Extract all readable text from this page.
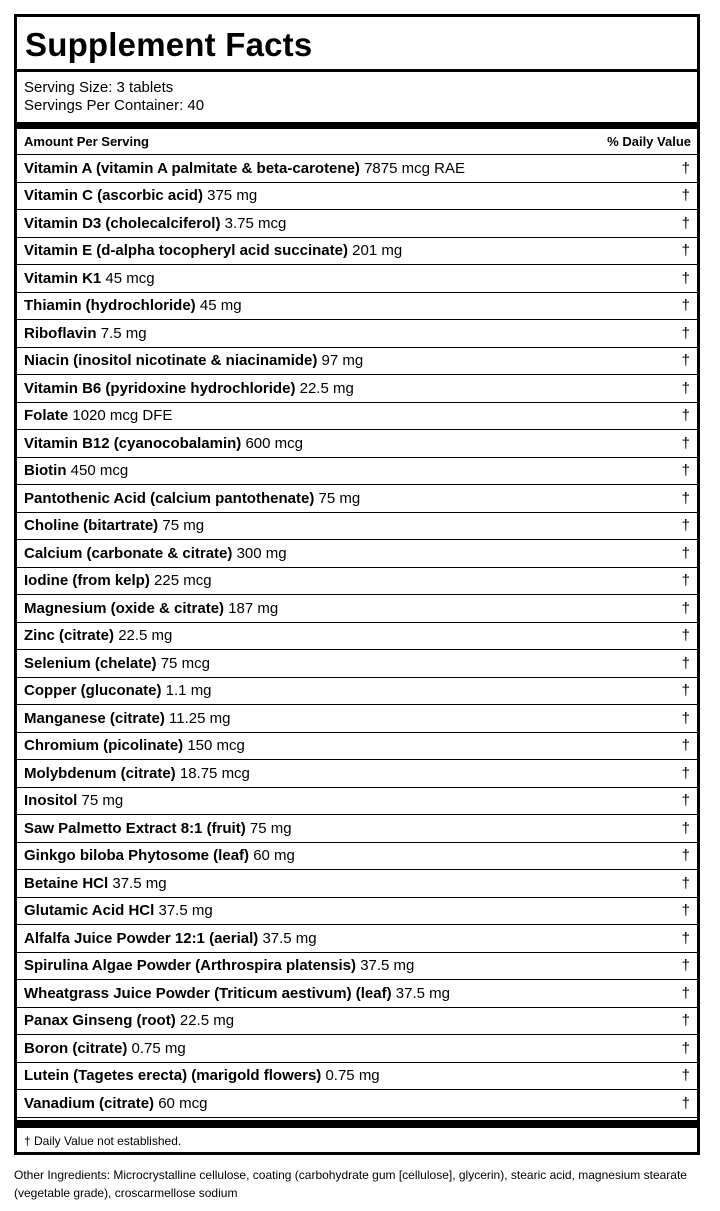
Supplement Facts
Serving Size: 3 tablets
Servings Per Container: 40
Amount Per Serving	% Daily Value
Vitamin A (vitamin A palmitate & beta-carotene) 7875 mcg RAE	†
Vitamin C (ascorbic acid) 375 mg	†
Vitamin D3 (cholecalciferol) 3.75 mcg	†
Vitamin E (d-alpha tocopheryl acid succinate) 201 mg	†
Vitamin K1 45 mcg	†
Thiamin (hydrochloride) 45 mg	†
Riboflavin 7.5 mg	†
Niacin (inositol nicotinate & niacinamide) 97 mg	†
Vitamin B6 (pyridoxine hydrochloride) 22.5 mg	†
Folate 1020 mcg DFE	†
Vitamin B12 (cyanocobalamin) 600 mcg	†
Biotin 450 mcg	†
Pantothenic Acid (calcium pantothenate) 75 mg	†
Choline (bitartrate) 75 mg	†
Calcium (carbonate & citrate) 300 mg	†
Iodine (from kelp) 225 mcg	†
Magnesium (oxide & citrate) 187 mg	†
Zinc (citrate) 22.5 mg	†
Selenium (chelate) 75 mcg	†
Copper (gluconate) 1.1 mg	†
Manganese (citrate) 11.25 mg	†
Chromium (picolinate) 150 mcg	†
Molybdenum (citrate) 18.75 mcg	†
Inositol 75 mg	†
Saw Palmetto Extract 8:1 (fruit) 75 mg	†
Ginkgo biloba Phytosome (leaf) 60 mg	†
Betaine HCl 37.5 mg	†
Glutamic Acid HCl 37.5 mg	†
Alfalfa Juice Powder 12:1 (aerial) 37.5 mg	†
Spirulina Algae Powder (Arthrospira platensis) 37.5 mg	†
Wheatgrass Juice Powder (Triticum aestivum) (leaf) 37.5 mg	†
Panax Ginseng (root) 22.5 mg	†
Boron (citrate) 0.75 mg	†
Lutein (Tagetes erecta) (marigold flowers) 0.75 mg	†
Vanadium (citrate) 60 mcg	†
† Daily Value not established.
Other Ingredients: Microcrystalline cellulose, coating (carbohydrate gum [cellulose], glycerin), stearic acid, magnesium stearate (vegetable grade), croscarmellose sodium
